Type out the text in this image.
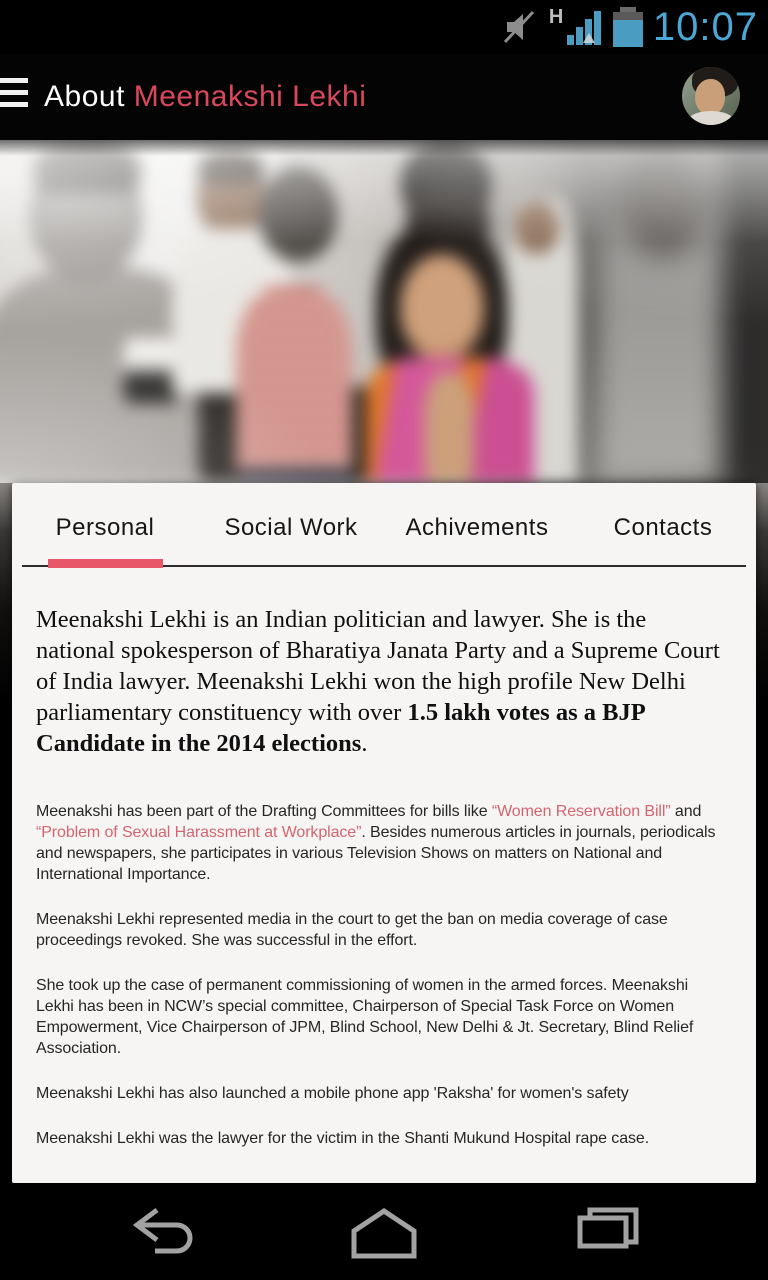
H 10:07
About Meenakshi Lekhi
Personal	Social Work	Achivements	Contacts

Meenakshi Lekhi is an Indian politician and lawyer. She is the national spokesperson of Bharatiya Janata Party and a Supreme Court of India lawyer. Meenakshi Lekhi won the high profile New Delhi parliamentary constituency with over 1.5 lakh votes as a BJP Candidate in the 2014 elections.

Meenakshi has been part of the Drafting Committees for bills like “Women Reservation Bill” and “Problem of Sexual Harassment at Workplace”. Besides numerous articles in journals, periodicals and newspapers, she participates in various Television Shows on matters on National and International Importance.

Meenakshi Lekhi represented media in the court to get the ban on media coverage of case proceedings revoked. She was successful in the effort.

She took up the case of permanent commissioning of women in the armed forces. Meenakshi Lekhi has been in NCW’s special committee, Chairperson of Special Task Force on Women Empowerment, Vice Chairperson of JPM, Blind School, New Delhi & Jt. Secretary, Blind Relief Association.

Meenakshi Lekhi has also launched a mobile phone app 'Raksha' for women's safety

Meenakshi Lekhi was the lawyer for the victim in the Shanti Mukund Hospital rape case.
